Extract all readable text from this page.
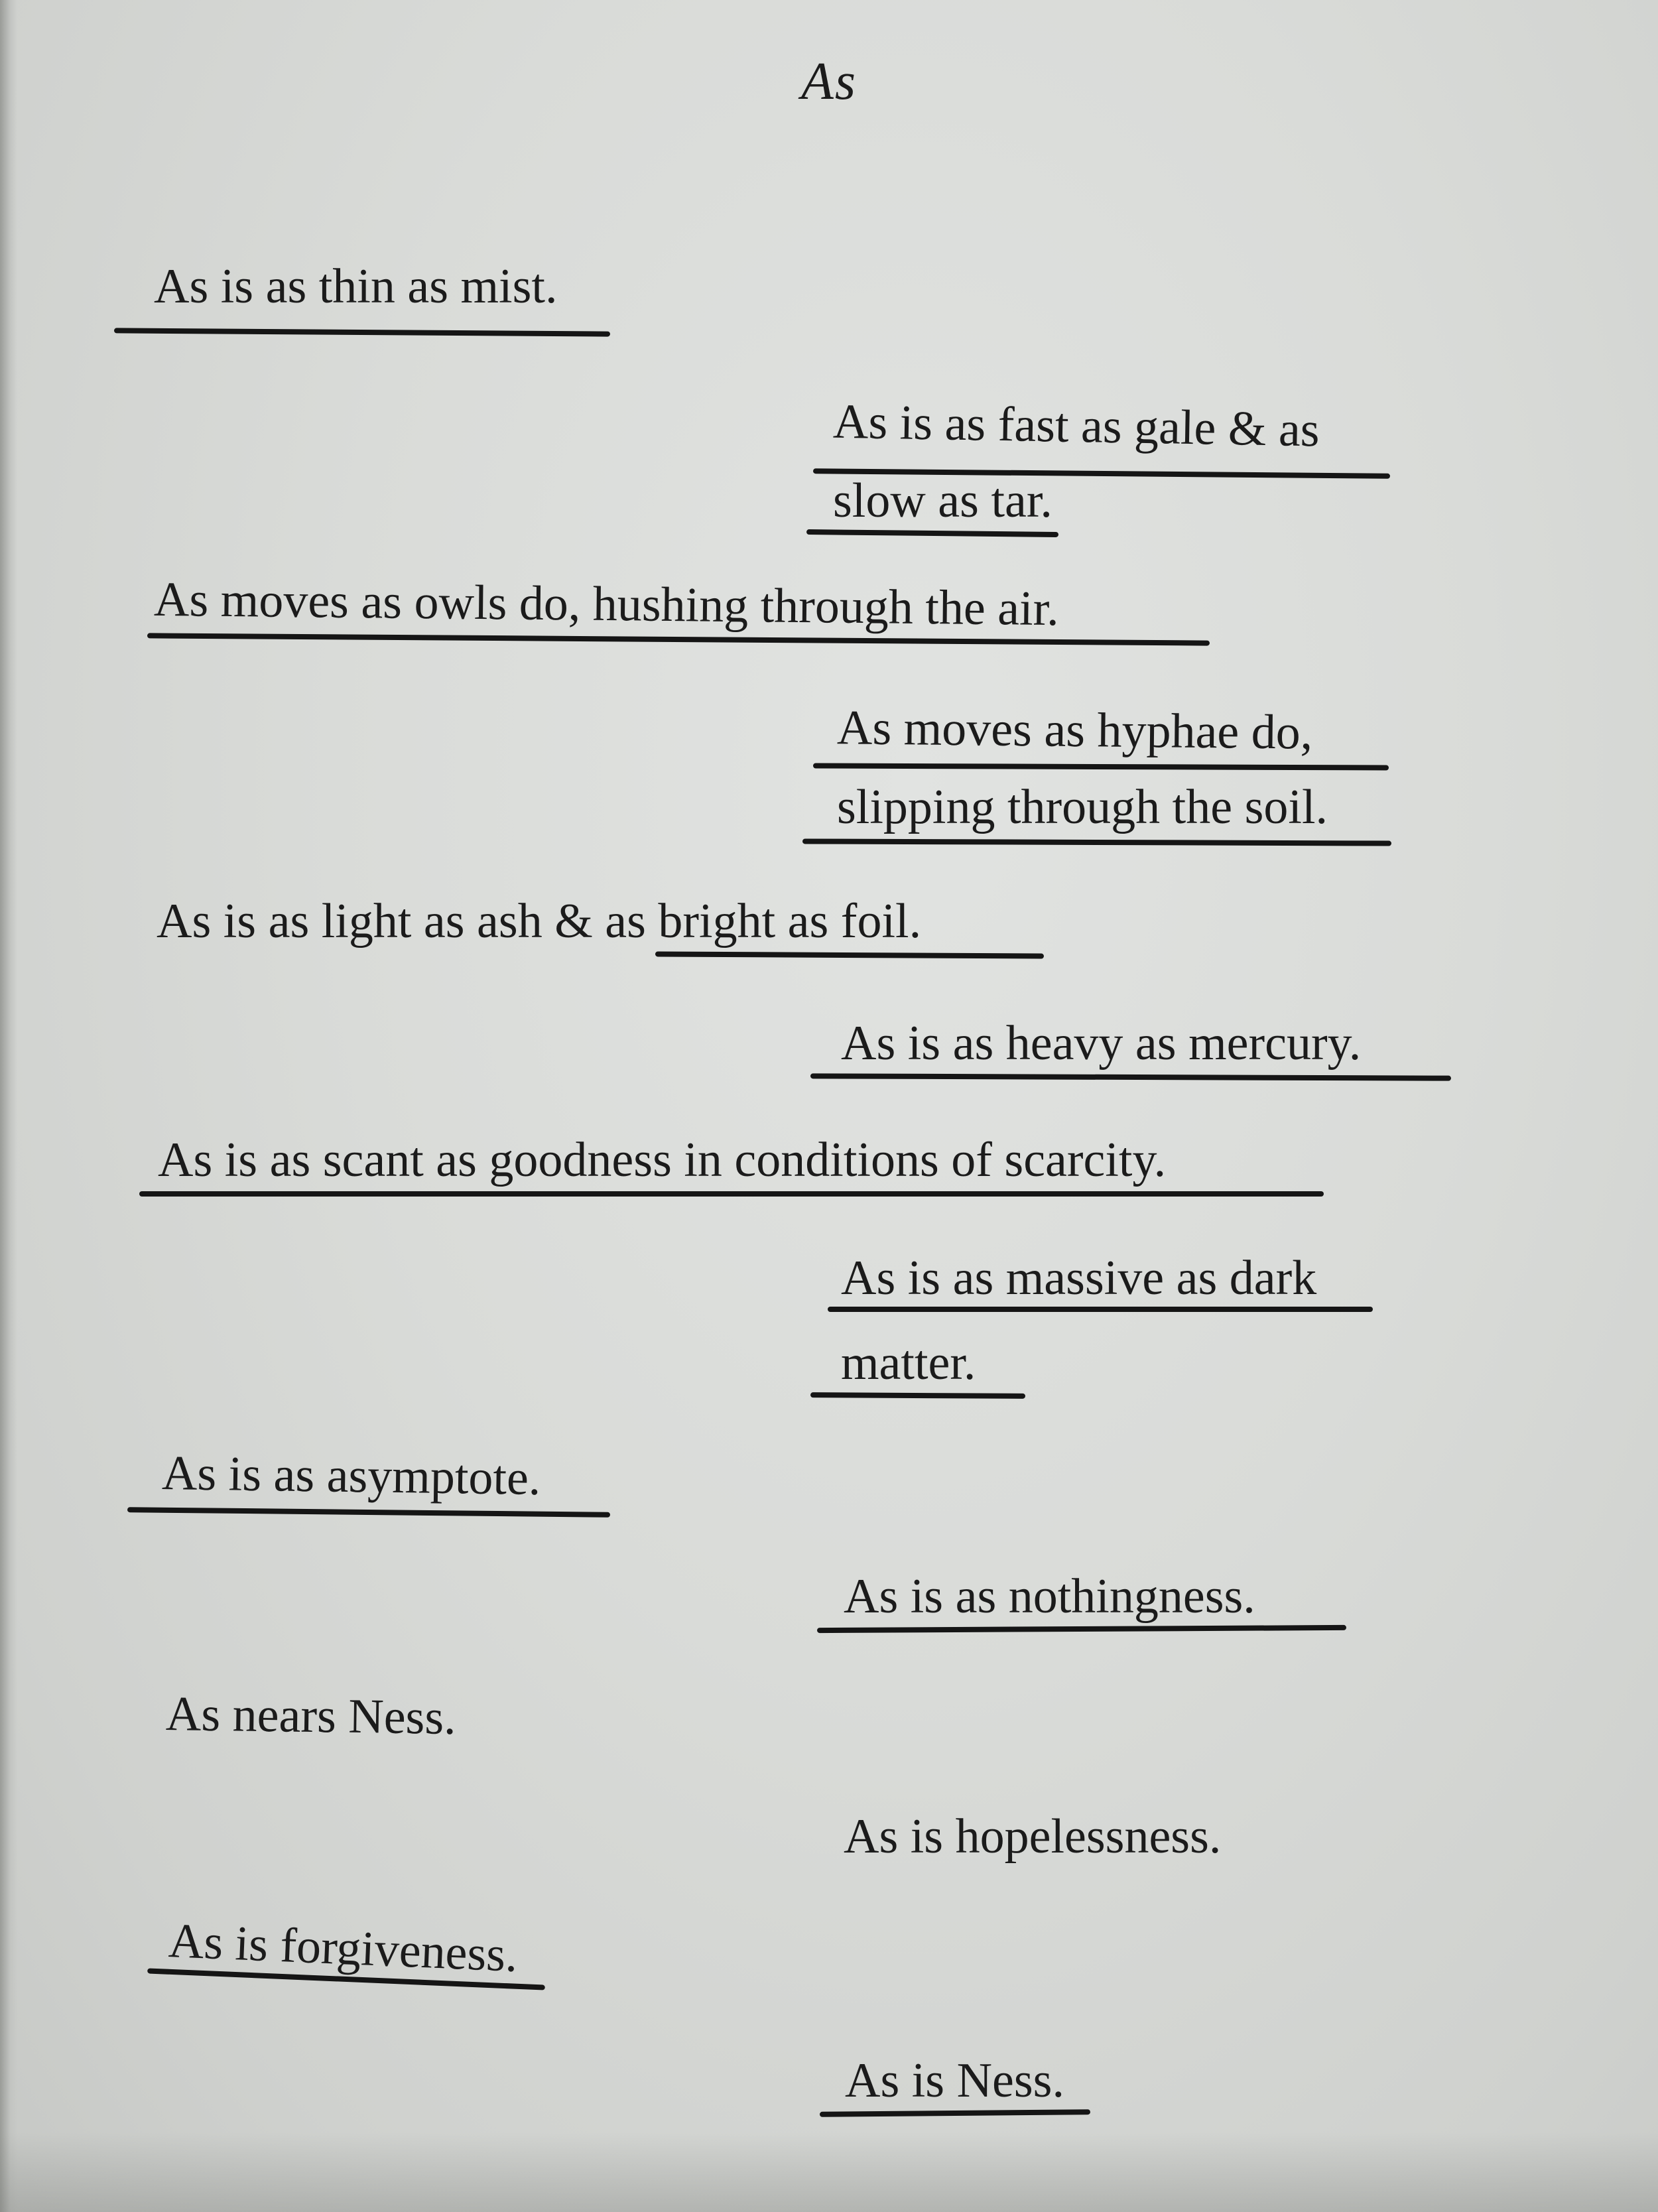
As

As is as thin as mist.

As is as fast as gale & as

slow as tar.

As moves as owls do, hushing through the air.

As moves as hyphae do,

slipping through the soil.

As is as light as ash & as bright as foil.

As is as heavy as mercury.

As is as scant as goodness in conditions of scarcity.

As is as massive as dark

matter.

As is as asymptote.

As is as nothingness.

As nears Ness.

As is hopelessness.

As is forgiveness.

As is Ness.
